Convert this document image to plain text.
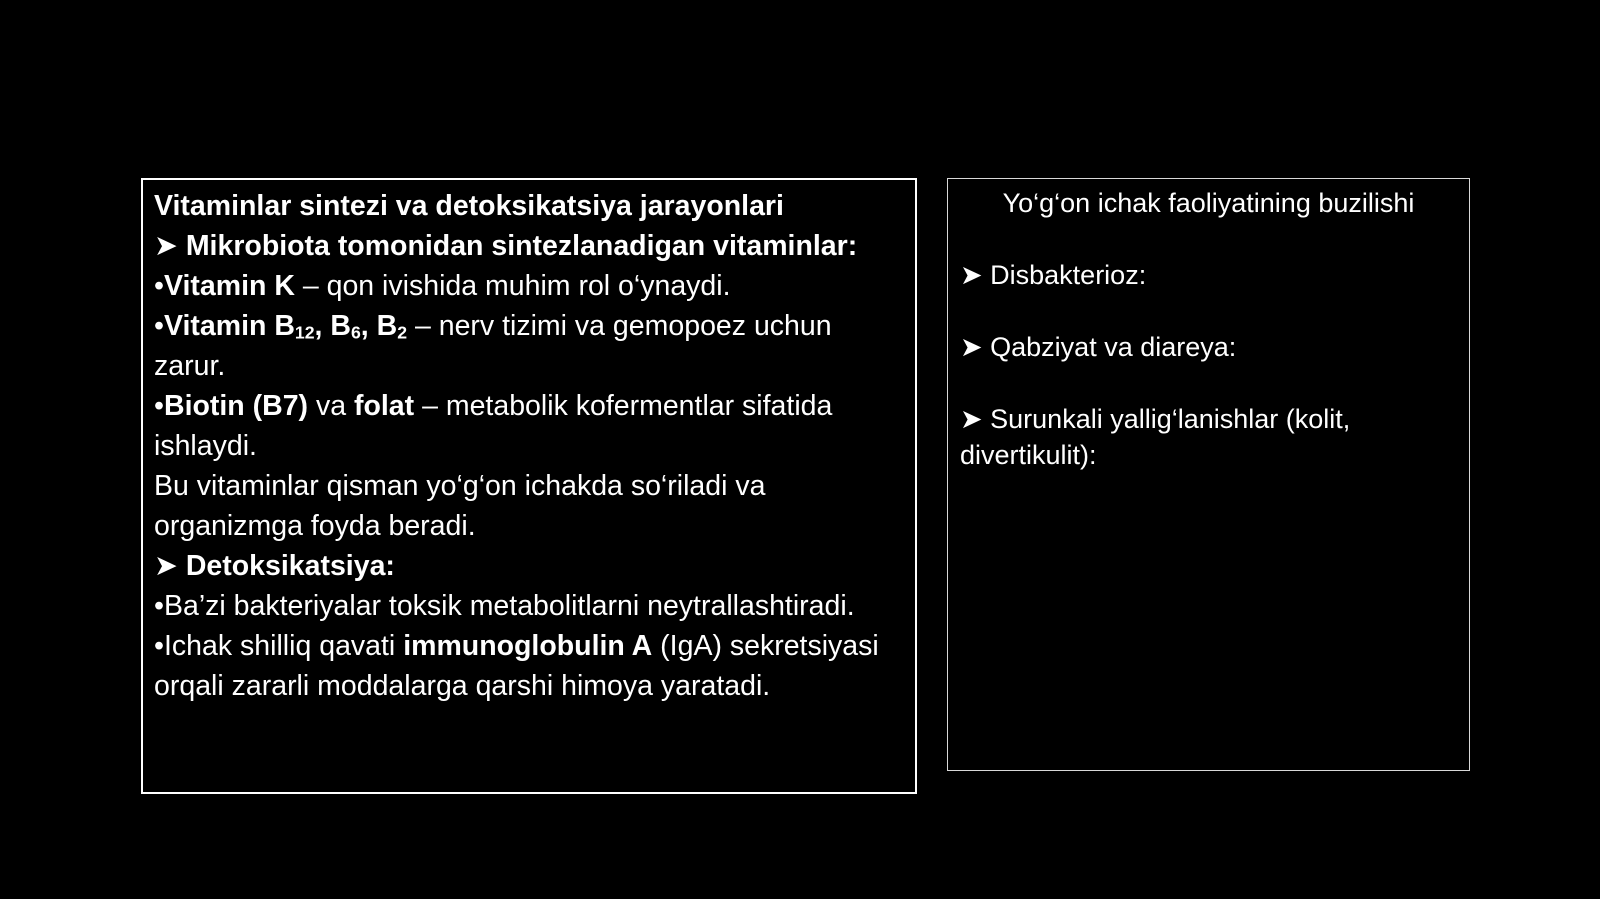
Vitaminlar sintezi va detoksikatsiya jarayonlari

➤ Mikrobiota tomonidan sintezlanadigan vitaminlar:

•Vitamin K – qon ivishida muhim rol o‘ynaydi.

•Vitamin $B_{12}$, $B_6$, $B_2$ – nerv tizimi va gemopoez uchun zarur.

•Biotin (B7) va folat – metabolik kofermentlar sifatida ishlaydi.

Bu vitaminlar qisman yo‘g‘on ichakda so‘riladi va organizmga foyda beradi.

➤ Detoksikatsiya:

•Ba’zi bakteriyalar toksik metabolitlarni neytrallashtiradi.

•Ichak shilliq qavati immunoglobulin A (IgA) sekretsiyasi orqali zararli moddalarga qarshi himoya yaratadi.

Yo‘g‘on ichak faoliyatining buzilishi

➤ Disbakterioz:

➤ Qabziyat va diareya:

➤ Surunkali yallig‘lanishlar (kolit, divertikulit):
